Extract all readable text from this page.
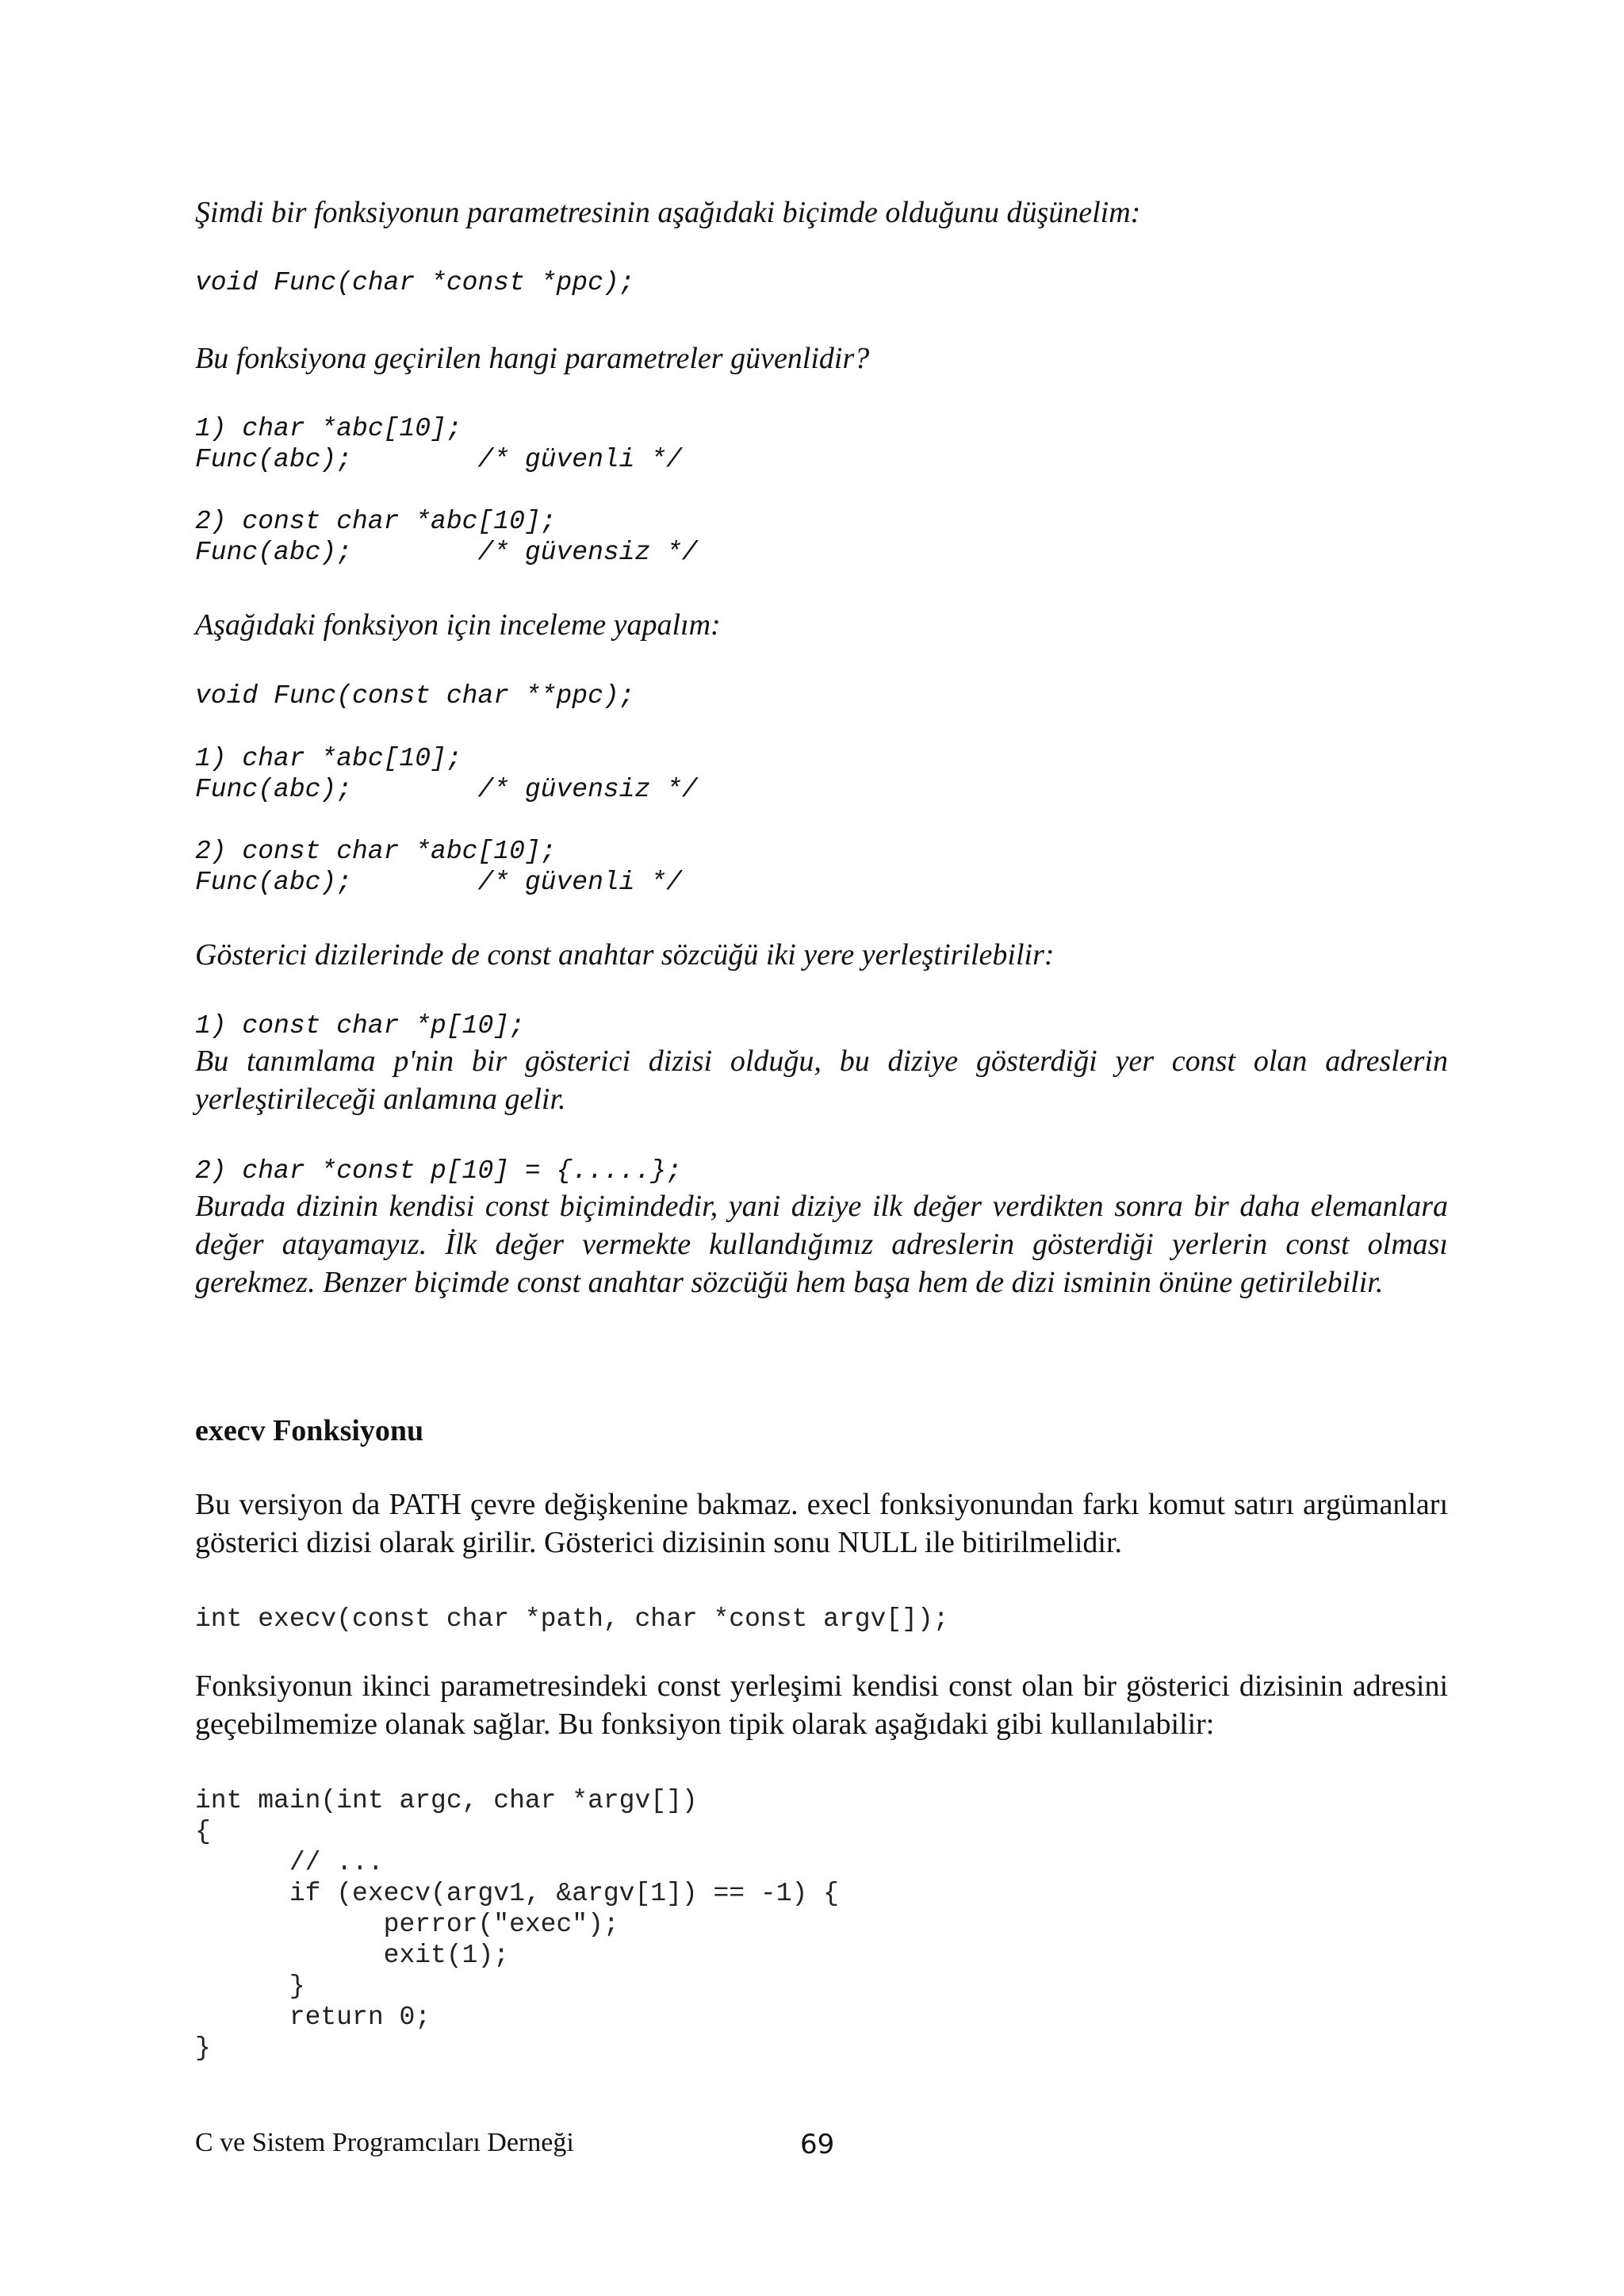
Şimdi bir fonksiyonun parametresinin aşağıdaki biçimde olduğunu düşünelim:

void Func(char *const *ppc);

Bu fonksiyona geçirilen hangi parametreler güvenlidir?

1) char *abc[10];
Func(abc);        /* güvenli */
2) const char *abc[10];
Func(abc);        /* güvensiz */

Aşağıdaki fonksiyon için inceleme yapalım:

void Func(const char **ppc);
1) char *abc[10];
Func(abc);        /* güvensiz */
2) const char *abc[10];
Func(abc);        /* güvenli */

Gösterici dizilerinde de const anahtar sözcüğü iki yere yerleştirilebilir:

1) const char *p[10];

Bu tanımlama p'nin bir gösterici dizisi olduğu, bu diziye gösterdiği yer const olan adreslerin yerleştirileceği anlamına gelir.

2) char *const p[10] = {.....};

Burada dizinin kendisi const biçimindedir, yani diziye ilk değer verdikten sonra bir daha elemanlara değer atayamayız. İlk değer vermekte kullandığımız adreslerin gösterdiği yerlerin const olması gerekmez. Benzer biçimde const anahtar sözcüğü hem başa hem de dizi isminin önüne getirilebilir.

execv Fonksiyonu

Bu versiyon da PATH çevre değişkenine bakmaz. execl fonksiyonundan farkı komut satırı argümanları gösterici dizisi olarak girilir. Gösterici dizisinin sonu NULL ile bitirilmelidir.

int execv(const char *path, char *const argv[]);

Fonksiyonun ikinci parametresindeki const yerleşimi kendisi const olan bir gösterici dizisinin adresini geçebilmemize olanak sağlar. Bu fonksiyon tipik olarak aşağıdaki gibi kullanılabilir:

int main(int argc, char *argv[])
{
// ...
if (execv(argv1, &argv[1]) == -1) {
perror("exec");
exit(1);
}
return 0;
}
C ve Sistem Programcıları Derneği	69
